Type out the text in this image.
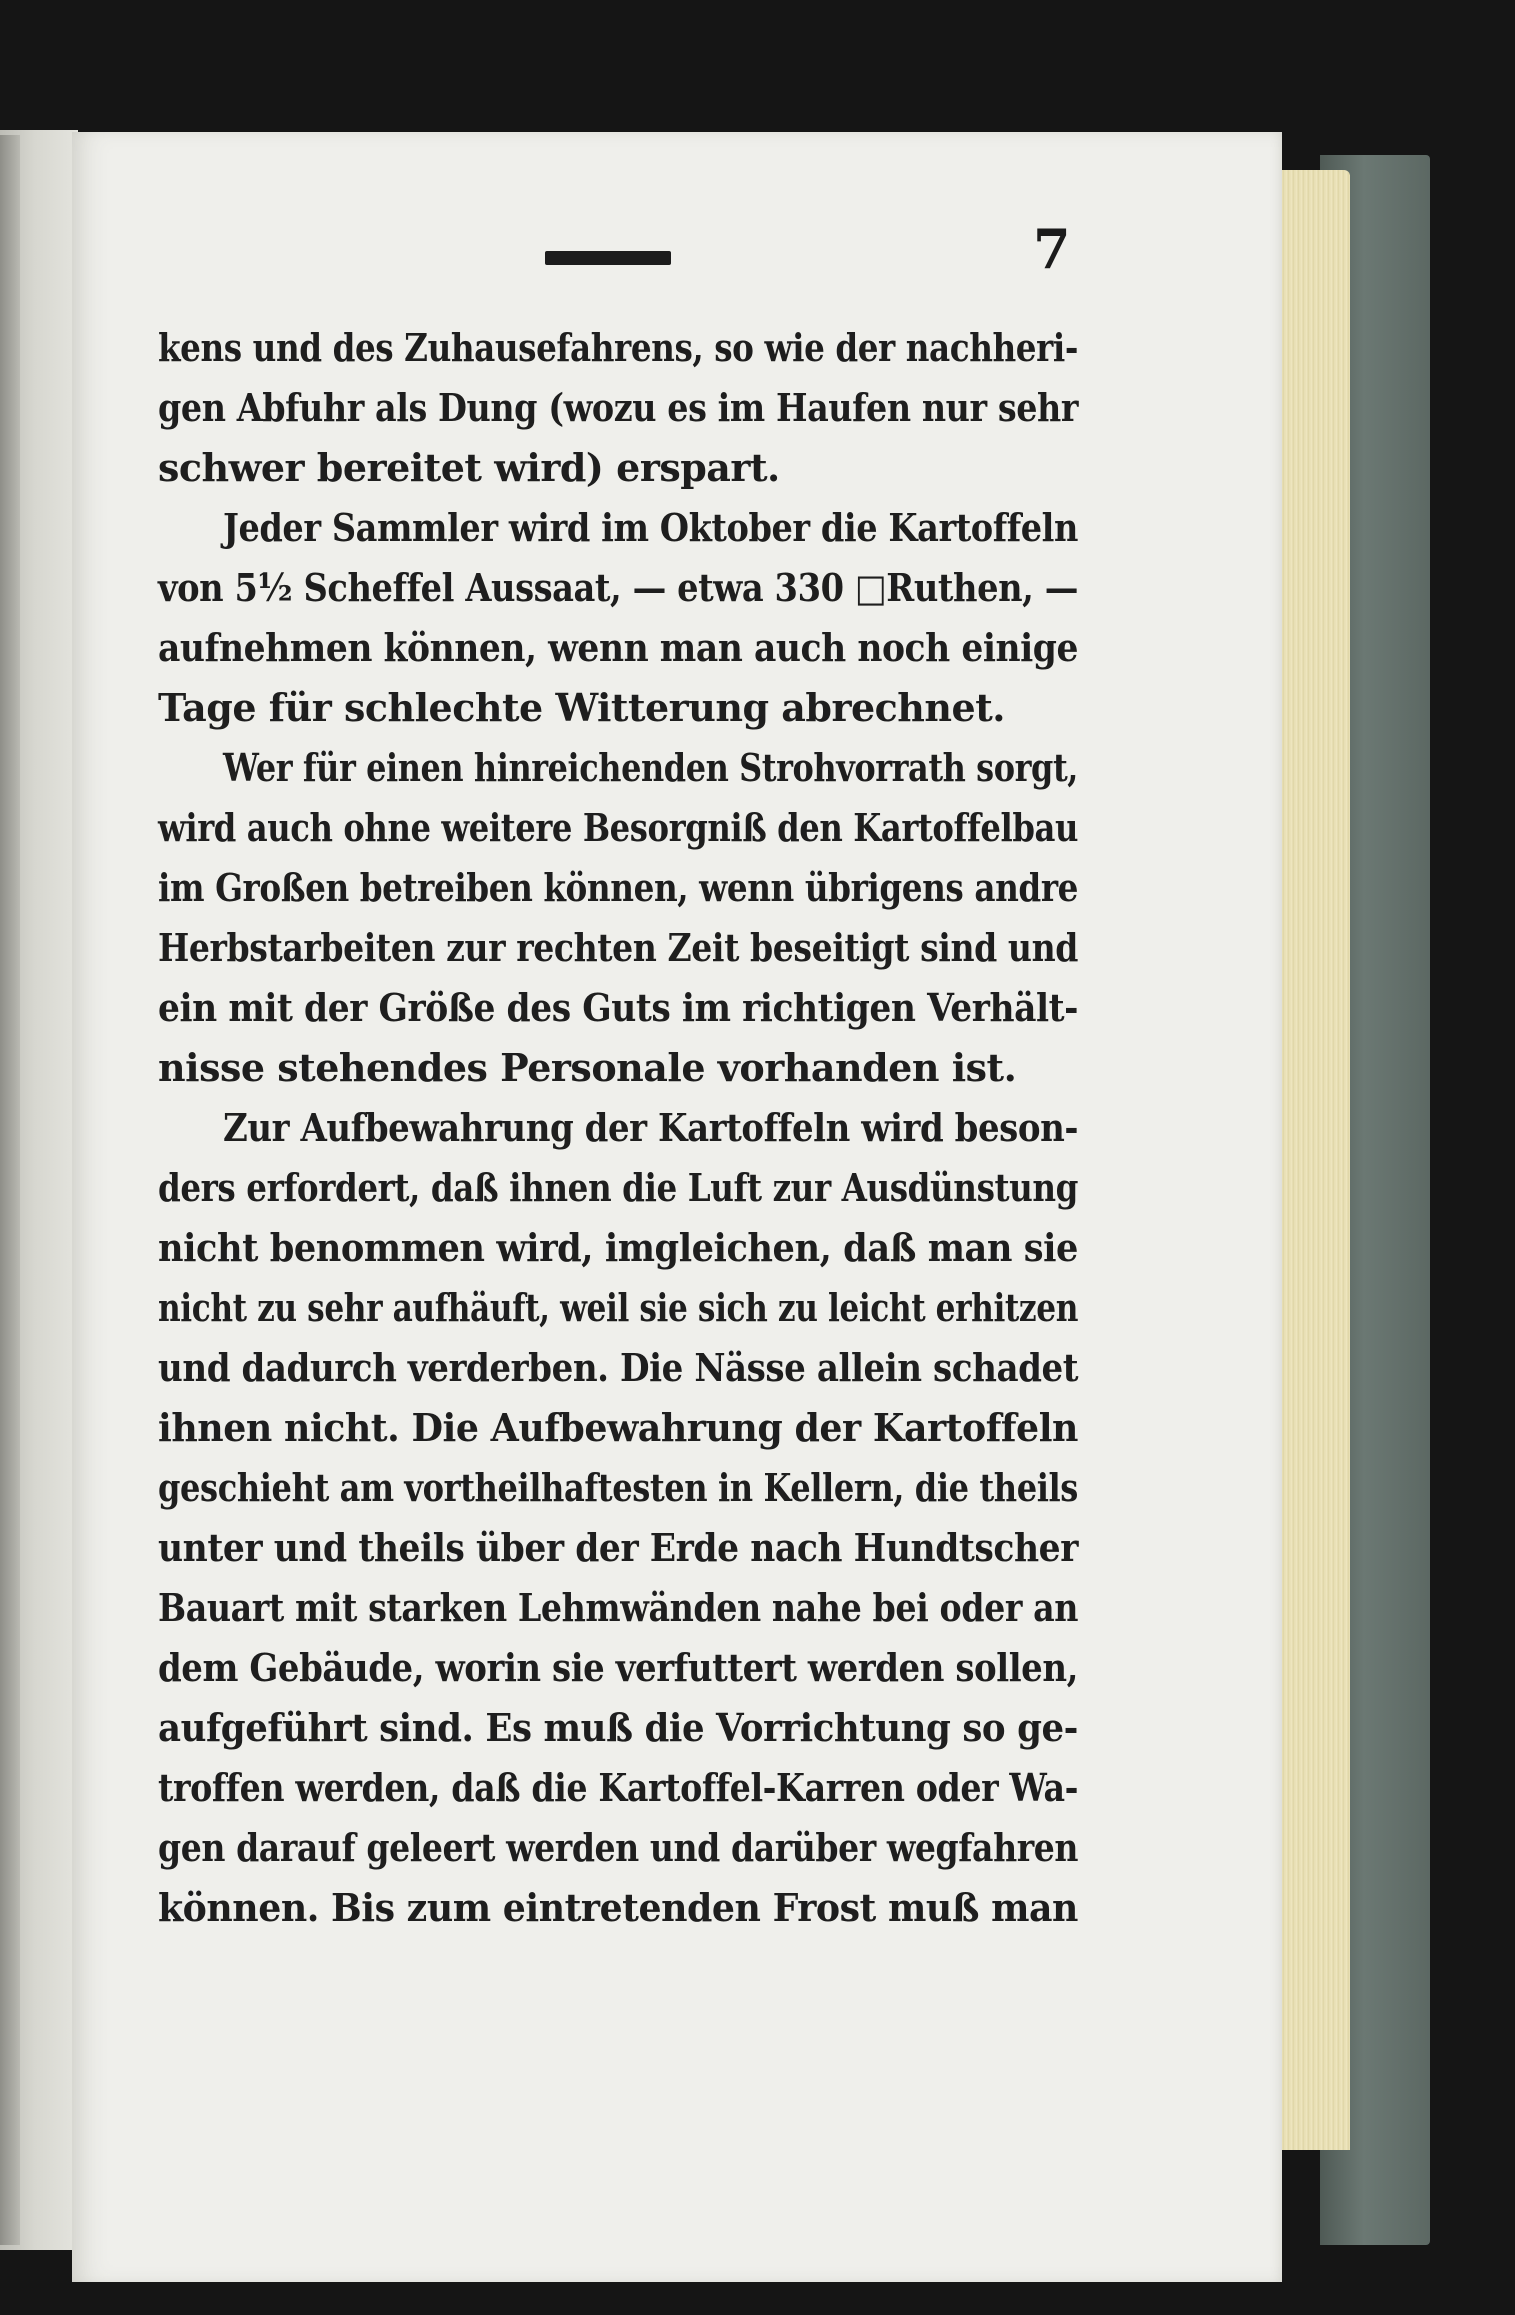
7
kens und des Zuhausefahrens, so wie der nachheri-
gen Abfuhr als Dung (wozu es im Haufen nur sehr
schwer bereitet wird) erspart.
Jeder Sammler wird im Oktober die Kartoffeln
von 5½ Scheffel Aussaat, — etwa 330 □Ruthen, —
aufnehmen können, wenn man auch noch einige
Tage für schlechte Witterung abrechnet.
Wer für einen hinreichenden Strohvorrath sorgt,
wird auch ohne weitere Besorgniß den Kartoffelbau
im Großen betreiben können, wenn übrigens andre
Herbstarbeiten zur rechten Zeit beseitigt sind und
ein mit der Größe des Guts im richtigen Verhält-
nisse stehendes Personale vorhanden ist.
Zur Aufbewahrung der Kartoffeln wird beson-
ders erfordert, daß ihnen die Luft zur Ausdünstung
nicht benommen wird, imgleichen, daß man sie
nicht zu sehr aufhäuft, weil sie sich zu leicht erhitzen
und dadurch verderben. Die Nässe allein schadet
ihnen nicht. Die Aufbewahrung der Kartoffeln
geschieht am vortheilhaftesten in Kellern, die theils
unter und theils über der Erde nach Hundtscher
Bauart mit starken Lehmwänden nahe bei oder an
dem Gebäude, worin sie verfuttert werden sollen,
aufgeführt sind. Es muß die Vorrichtung so ge-
troffen werden, daß die Kartoffel-Karren oder Wa-
gen darauf geleert werden und darüber wegfahren
können. Bis zum eintretenden Frost muß man
